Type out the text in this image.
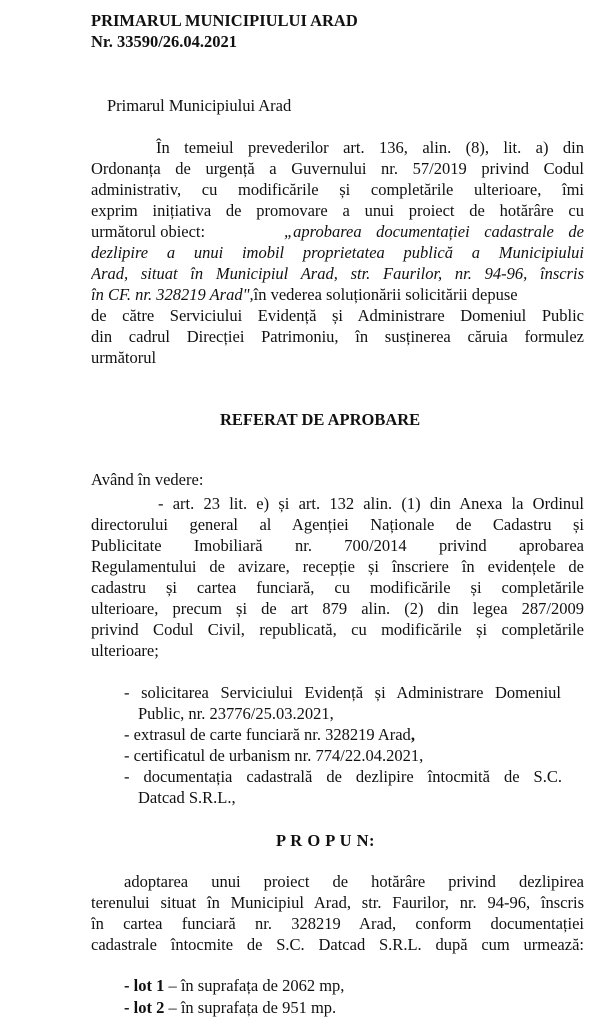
PRIMARUL MUNICIPIULUI ARAD
Nr. 33590/26.04.2021
Primarul Municipiului Arad
În temeiul prevederilor art. 136, alin. (8), lit. a) din
Ordonanța de urgență a Guvernului nr. 57/2019 privind Codul
administrativ, cu modificările și completările ulterioare, îmi
exprim inițiativa de promovare a unui proiect de hotărâre cu
următorul obiect:	„aprobarea documentației cadastrale de
dezlipire a unui imobil proprietatea publică a Municipiului
Arad, situat în Municipiul Arad, str. Faurilor, nr. 94-96, înscris
în CF. nr. 328219 Arad",în vederea soluționării solicitării depuse
de către Serviciului Evidență și Administrare Domeniul Public
din cadrul Direcției Patrimoniu, în susținerea căruia formulez
următorul
REFERAT DE APROBARE
Având în vedere:
- art. 23 lit. e) și art. 132 alin. (1) din Anexa la Ordinul
directorului general al Agenției Naționale de Cadastru și
Publicitate Imobiliară nr. 700/2014 privind aprobarea
Regulamentului de avizare, recepție și înscriere în evidențele de
cadastru și cartea funciară, cu modificările și completările
ulterioare, precum și de art 879 alin. (2) din legea 287/2009
privind Codul Civil, republicată, cu modificările și completările
ulterioare;
- solicitarea Serviciului Evidență și Administrare Domeniul
Public, nr. 23776/25.03.2021,
- extrasul de carte funciară nr. 328219 Arad,
- certificatul de urbanism nr. 774/22.04.2021,
- documentația cadastrală de dezlipire întocmită de S.C.
Datcad S.R.L.,
P R O P U N:
adoptarea unui proiect de hotărâre privind dezlipirea
terenului situat în Municipiul Arad, str. Faurilor, nr. 94-96, înscris
în cartea funciară nr. 328219 Arad, conform documentației
cadastrale întocmite de S.C. Datcad S.R.L. după cum urmează:
- lot 1 – în suprafața de 2062 mp,
- lot 2 – în suprafața de 951 mp.
